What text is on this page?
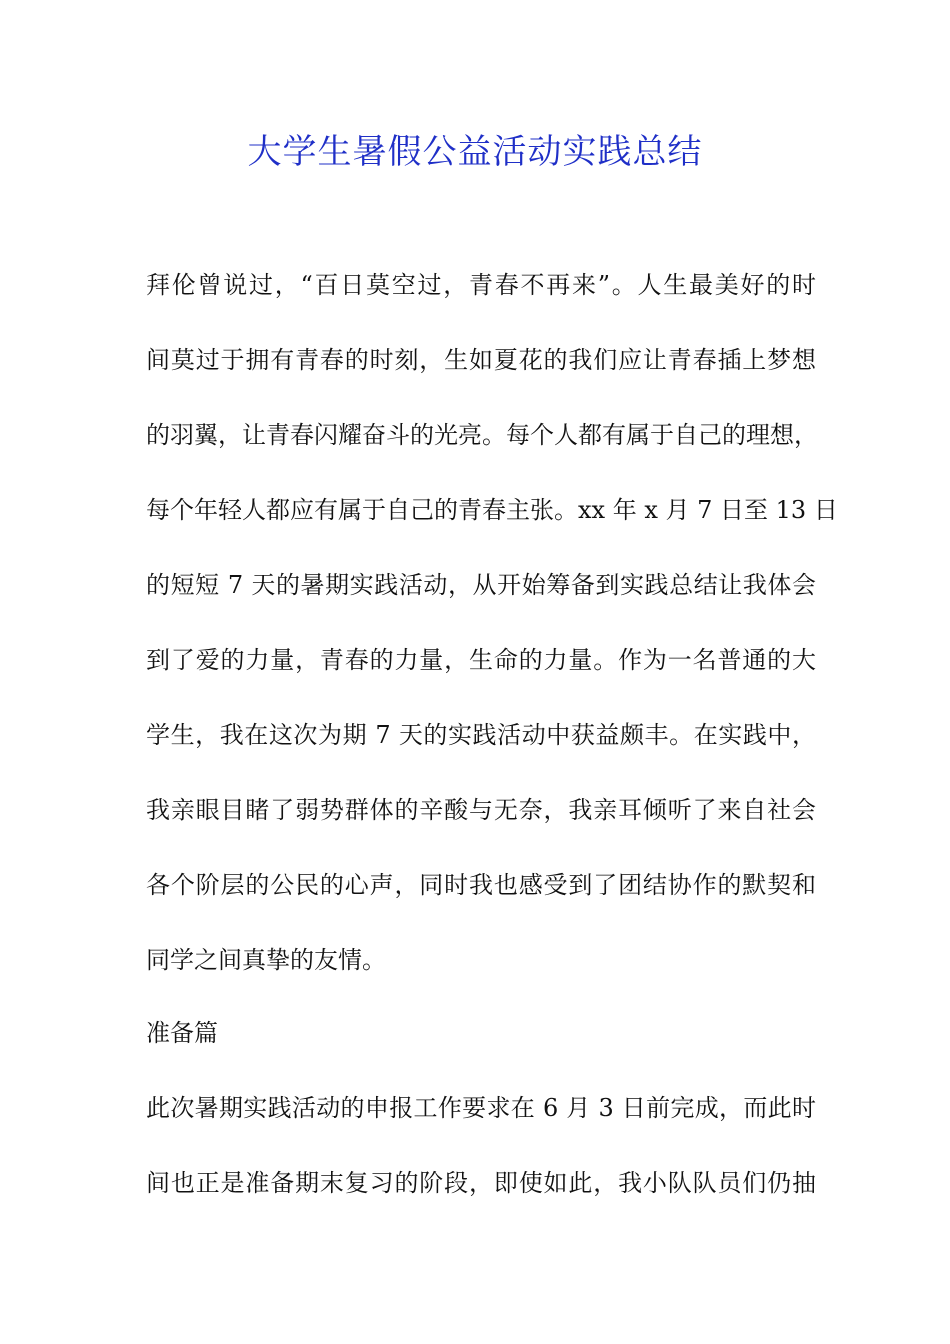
大学生暑假公益活动实践总结
拜伦曾说过，“百日莫空过，青春不再来”。人生最美好的时
间莫过于拥有青春的时刻，生如夏花的我们应让青春插上梦想
的羽翼，让青春闪耀奋斗的光亮。每个人都有属于自己的理想，
每个年轻人都应有属于自己的青春主张。xx 年 x 月 7 日至 13 日
的短短 7 天的暑期实践活动，从开始筹备到实践总结让我体会
到了爱的力量，青春的力量，生命的力量。作为一名普通的大
学生，我在这次为期 7 天的实践活动中获益颇丰。在实践中，
我亲眼目睹了弱势群体的辛酸与无奈，我亲耳倾听了来自社会
各个阶层的公民的心声，同时我也感受到了团结协作的默契和
同学之间真挚的友情。
准备篇
此次暑期实践活动的申报工作要求在 6 月 3 日前完成，而此时
间也正是准备期末复习的阶段，即使如此，我小队队员们仍抽
